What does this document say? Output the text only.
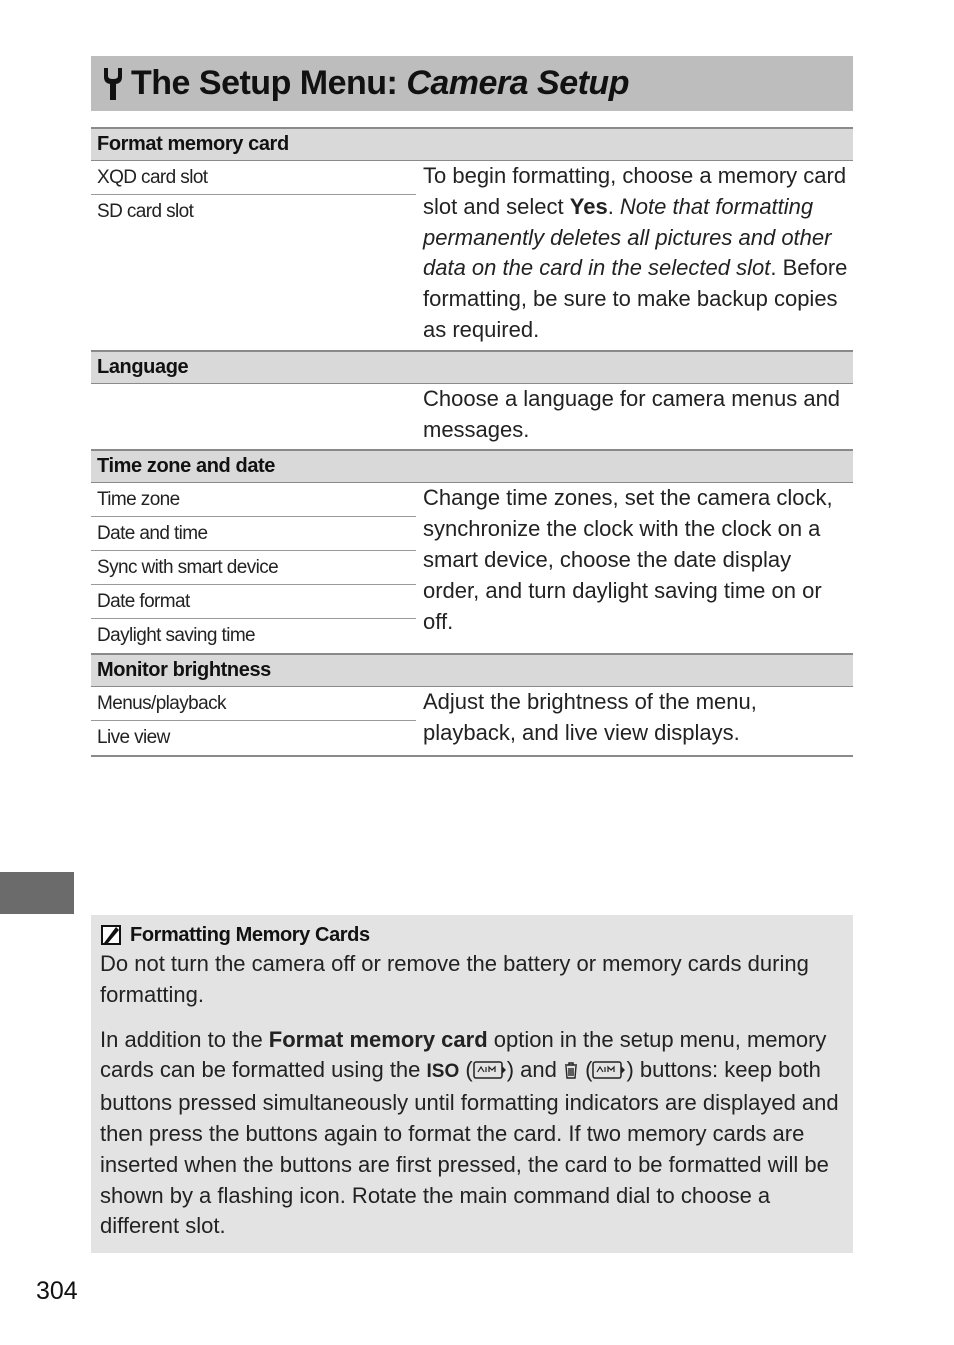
The Setup Menu: Camera Setup
Format memory card
XQD card slot
SD card slot
To begin formatting, choose a memory card slot and select Yes. Note that formatting permanently deletes all pictures and other data on the card in the selected slot. Before formatting, be sure to make backup copies as required.
Language
Choose a language for camera menus and messages.
Time zone and date
Time zone
Date and time
Sync with smart device
Date format
Daylight saving time
Change time zones, set the camera clock, synchronize the clock with the clock on a smart device, choose the date display order, and turn daylight saving time on or off.
Monitor brightness
Menus/playback
Live view
Adjust the brightness of the menu, playback, and live view displays.
Formatting Memory Cards

Do not turn the camera off or remove the battery or memory cards during formatting.

In addition to the Format memory card option in the setup menu, memory cards can be formatted using the ISO ( ) and  ( ) buttons: keep both buttons pressed simultaneously until formatting indicators are displayed and then press the buttons again to format the card. If two memory cards are inserted when the buttons are first pressed, the card to be formatted will be shown by a flashing icon. Rotate the main command dial to choose a different slot.

304
